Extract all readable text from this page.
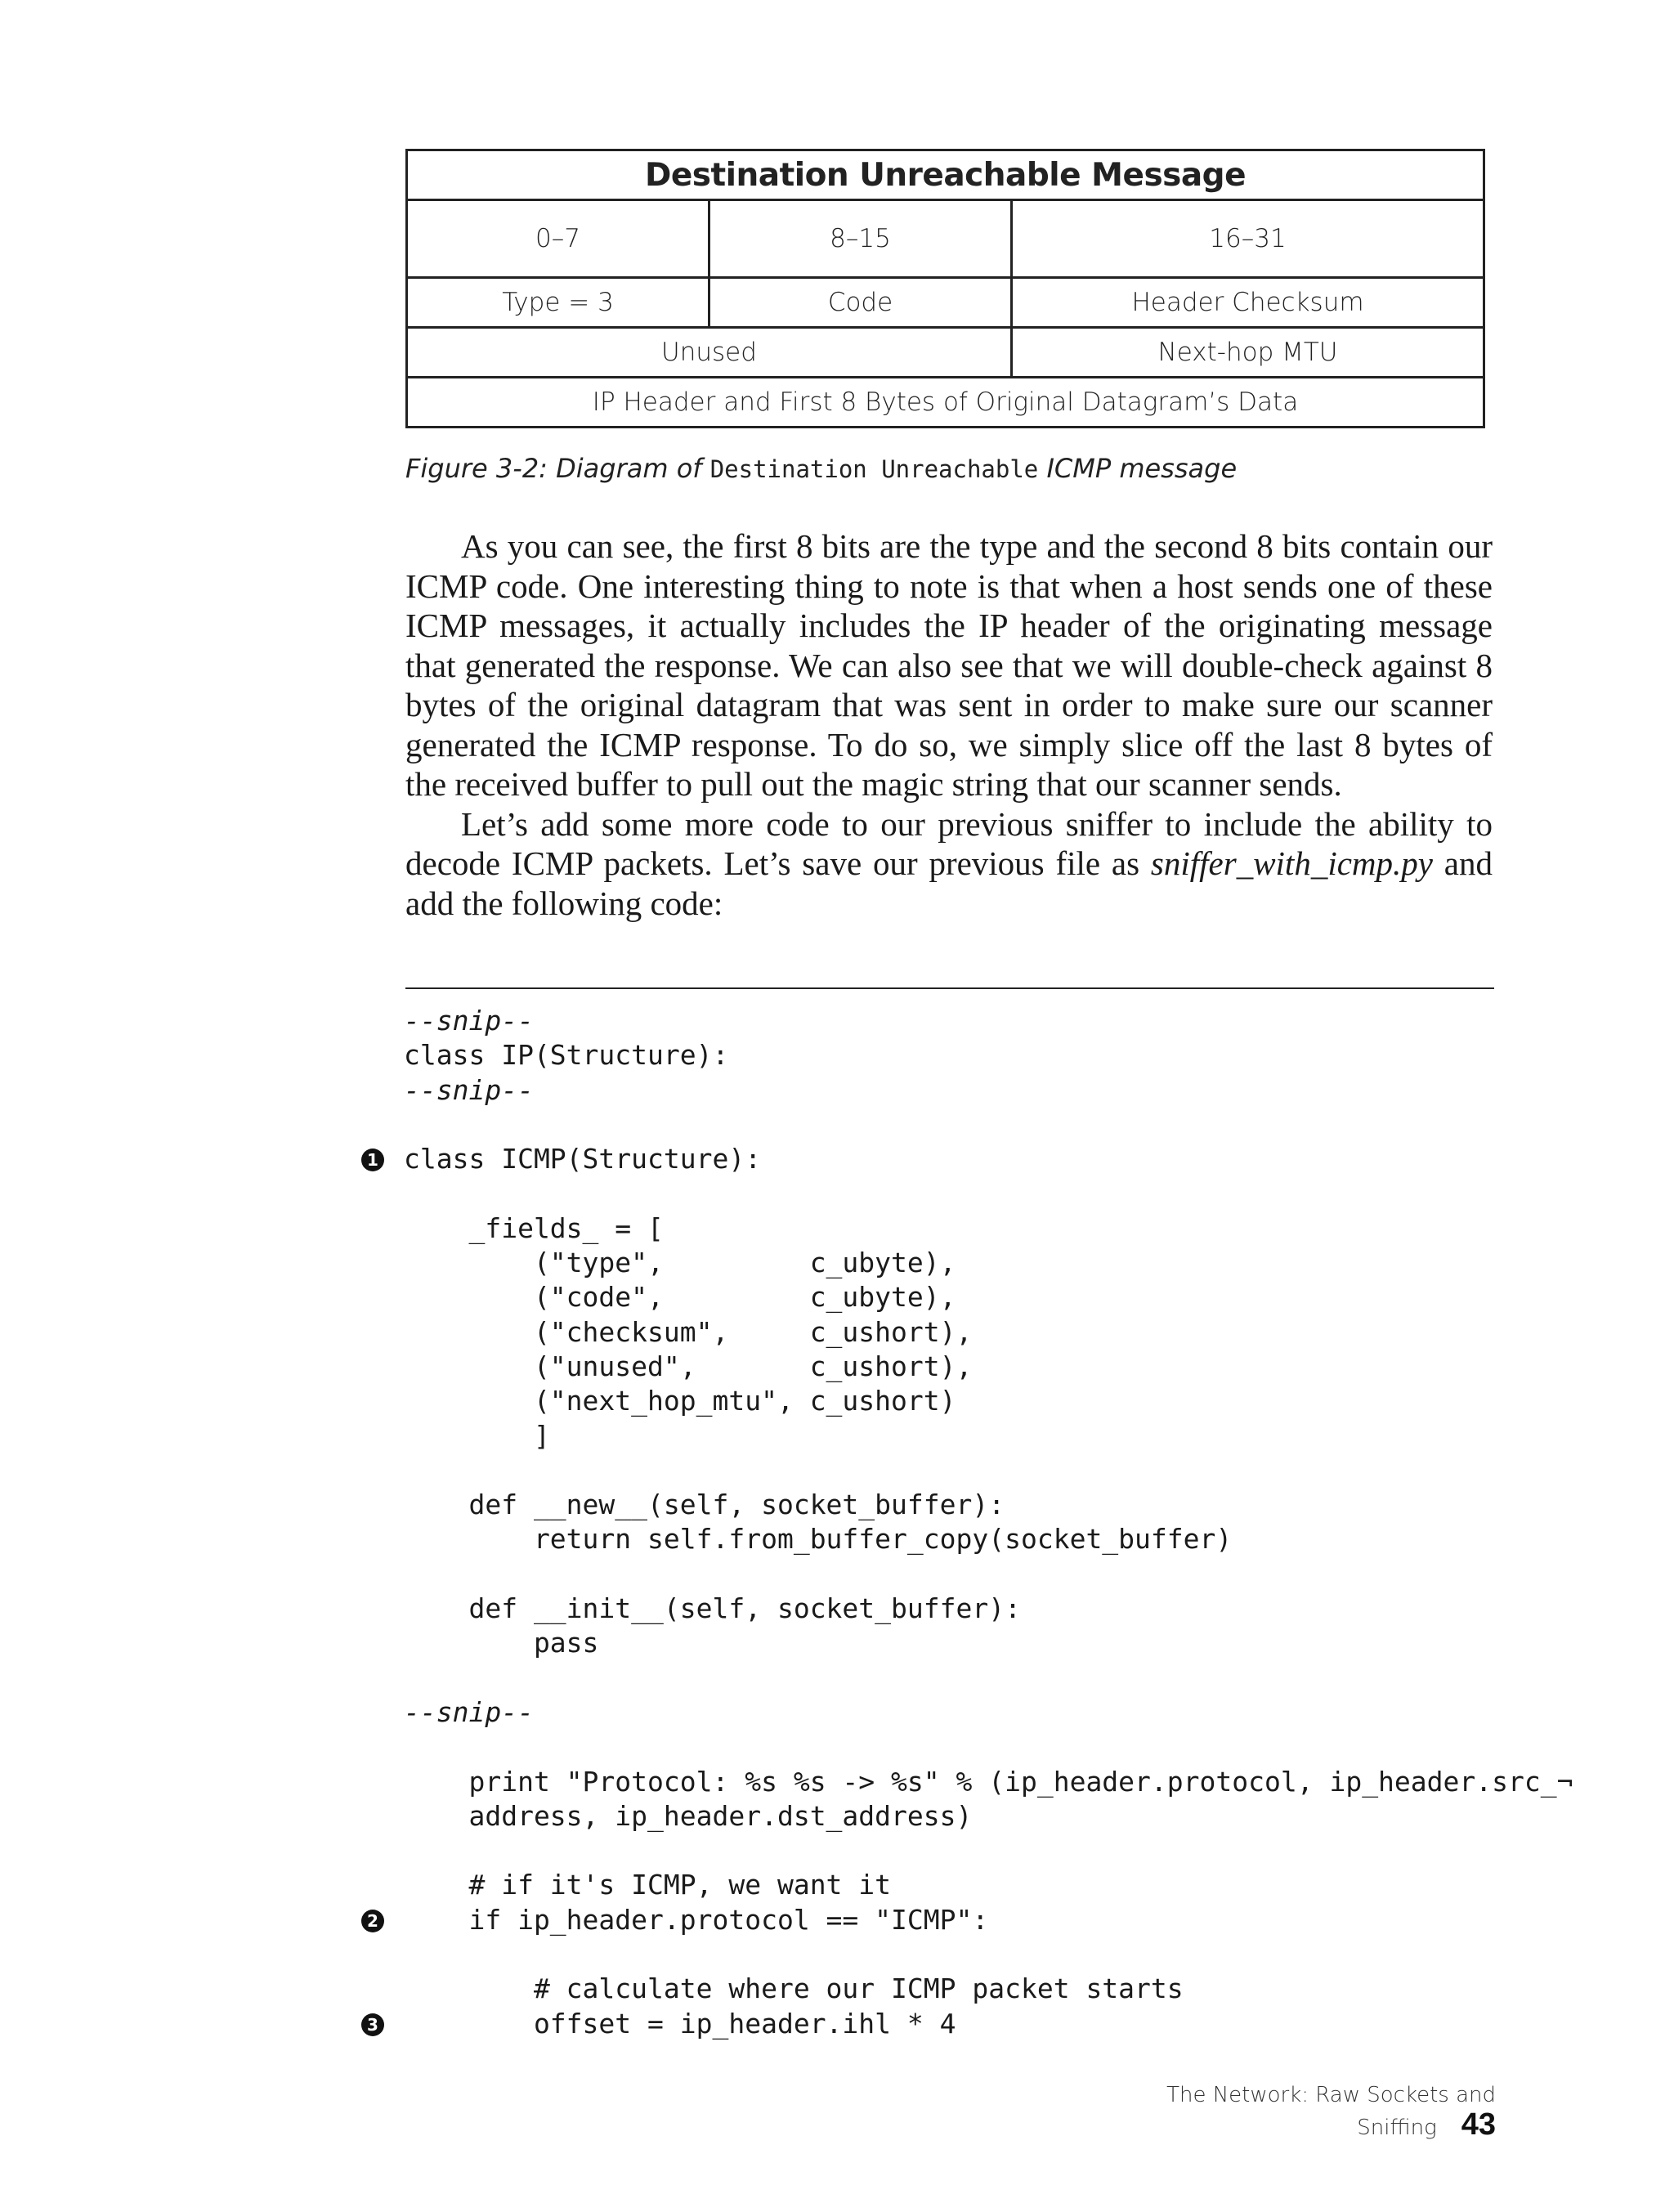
Destination Unreachable Message		
0–7	8–15	16–31
Type = 3	Code	Header Checksum
Unused		Next-hop MTU
IP Header and First 8 Bytes of Original Datagram’s Data		
Figure 3-2: Diagram of Destination Unreachable ICMP message

As you can see, the first 8 bits are the type and the second 8 bits contain our ICMP code. One interesting thing to note is that when a host sends one of these ICMP messages, it actually includes the IP header of the originating message that generated the response. We can also see that we will double-check against 8 bytes of the original datagram that was sent in order to make sure our scanner generated the ICMP response. To do so, we simply slice off the last 8 bytes of the received buffer to pull out the magic string that our scanner sends.

Let’s add some more code to our previous sniffer to include the ability to decode ICMP packets. Let’s save our previous file as sniffer_with_icmp.py and add the following code:

--snip--
class IP(Structure):
--snip--
1 class ICMP(Structure):
_fields_ = [
("type",         c_ubyte),
("code",         c_ubyte),
("checksum",     c_ushort),
("unused",       c_ushort),
("next_hop_mtu", c_ushort)
]
def __new__(self, socket_buffer):
return self.from_buffer_copy(socket_buffer)
def __init__(self, socket_buffer):
pass
--snip--
print "Protocol: %s %s -> %s" % (ip_header.protocol, ip_header.src_¬
address, ip_header.dst_address)
# if it's ICMP, we want it
2 if ip_header.protocol == "ICMP":
# calculate where our ICMP packet starts
3 offset = ip_header.ihl * 4
The Network: Raw Sockets and Sniffing 43
